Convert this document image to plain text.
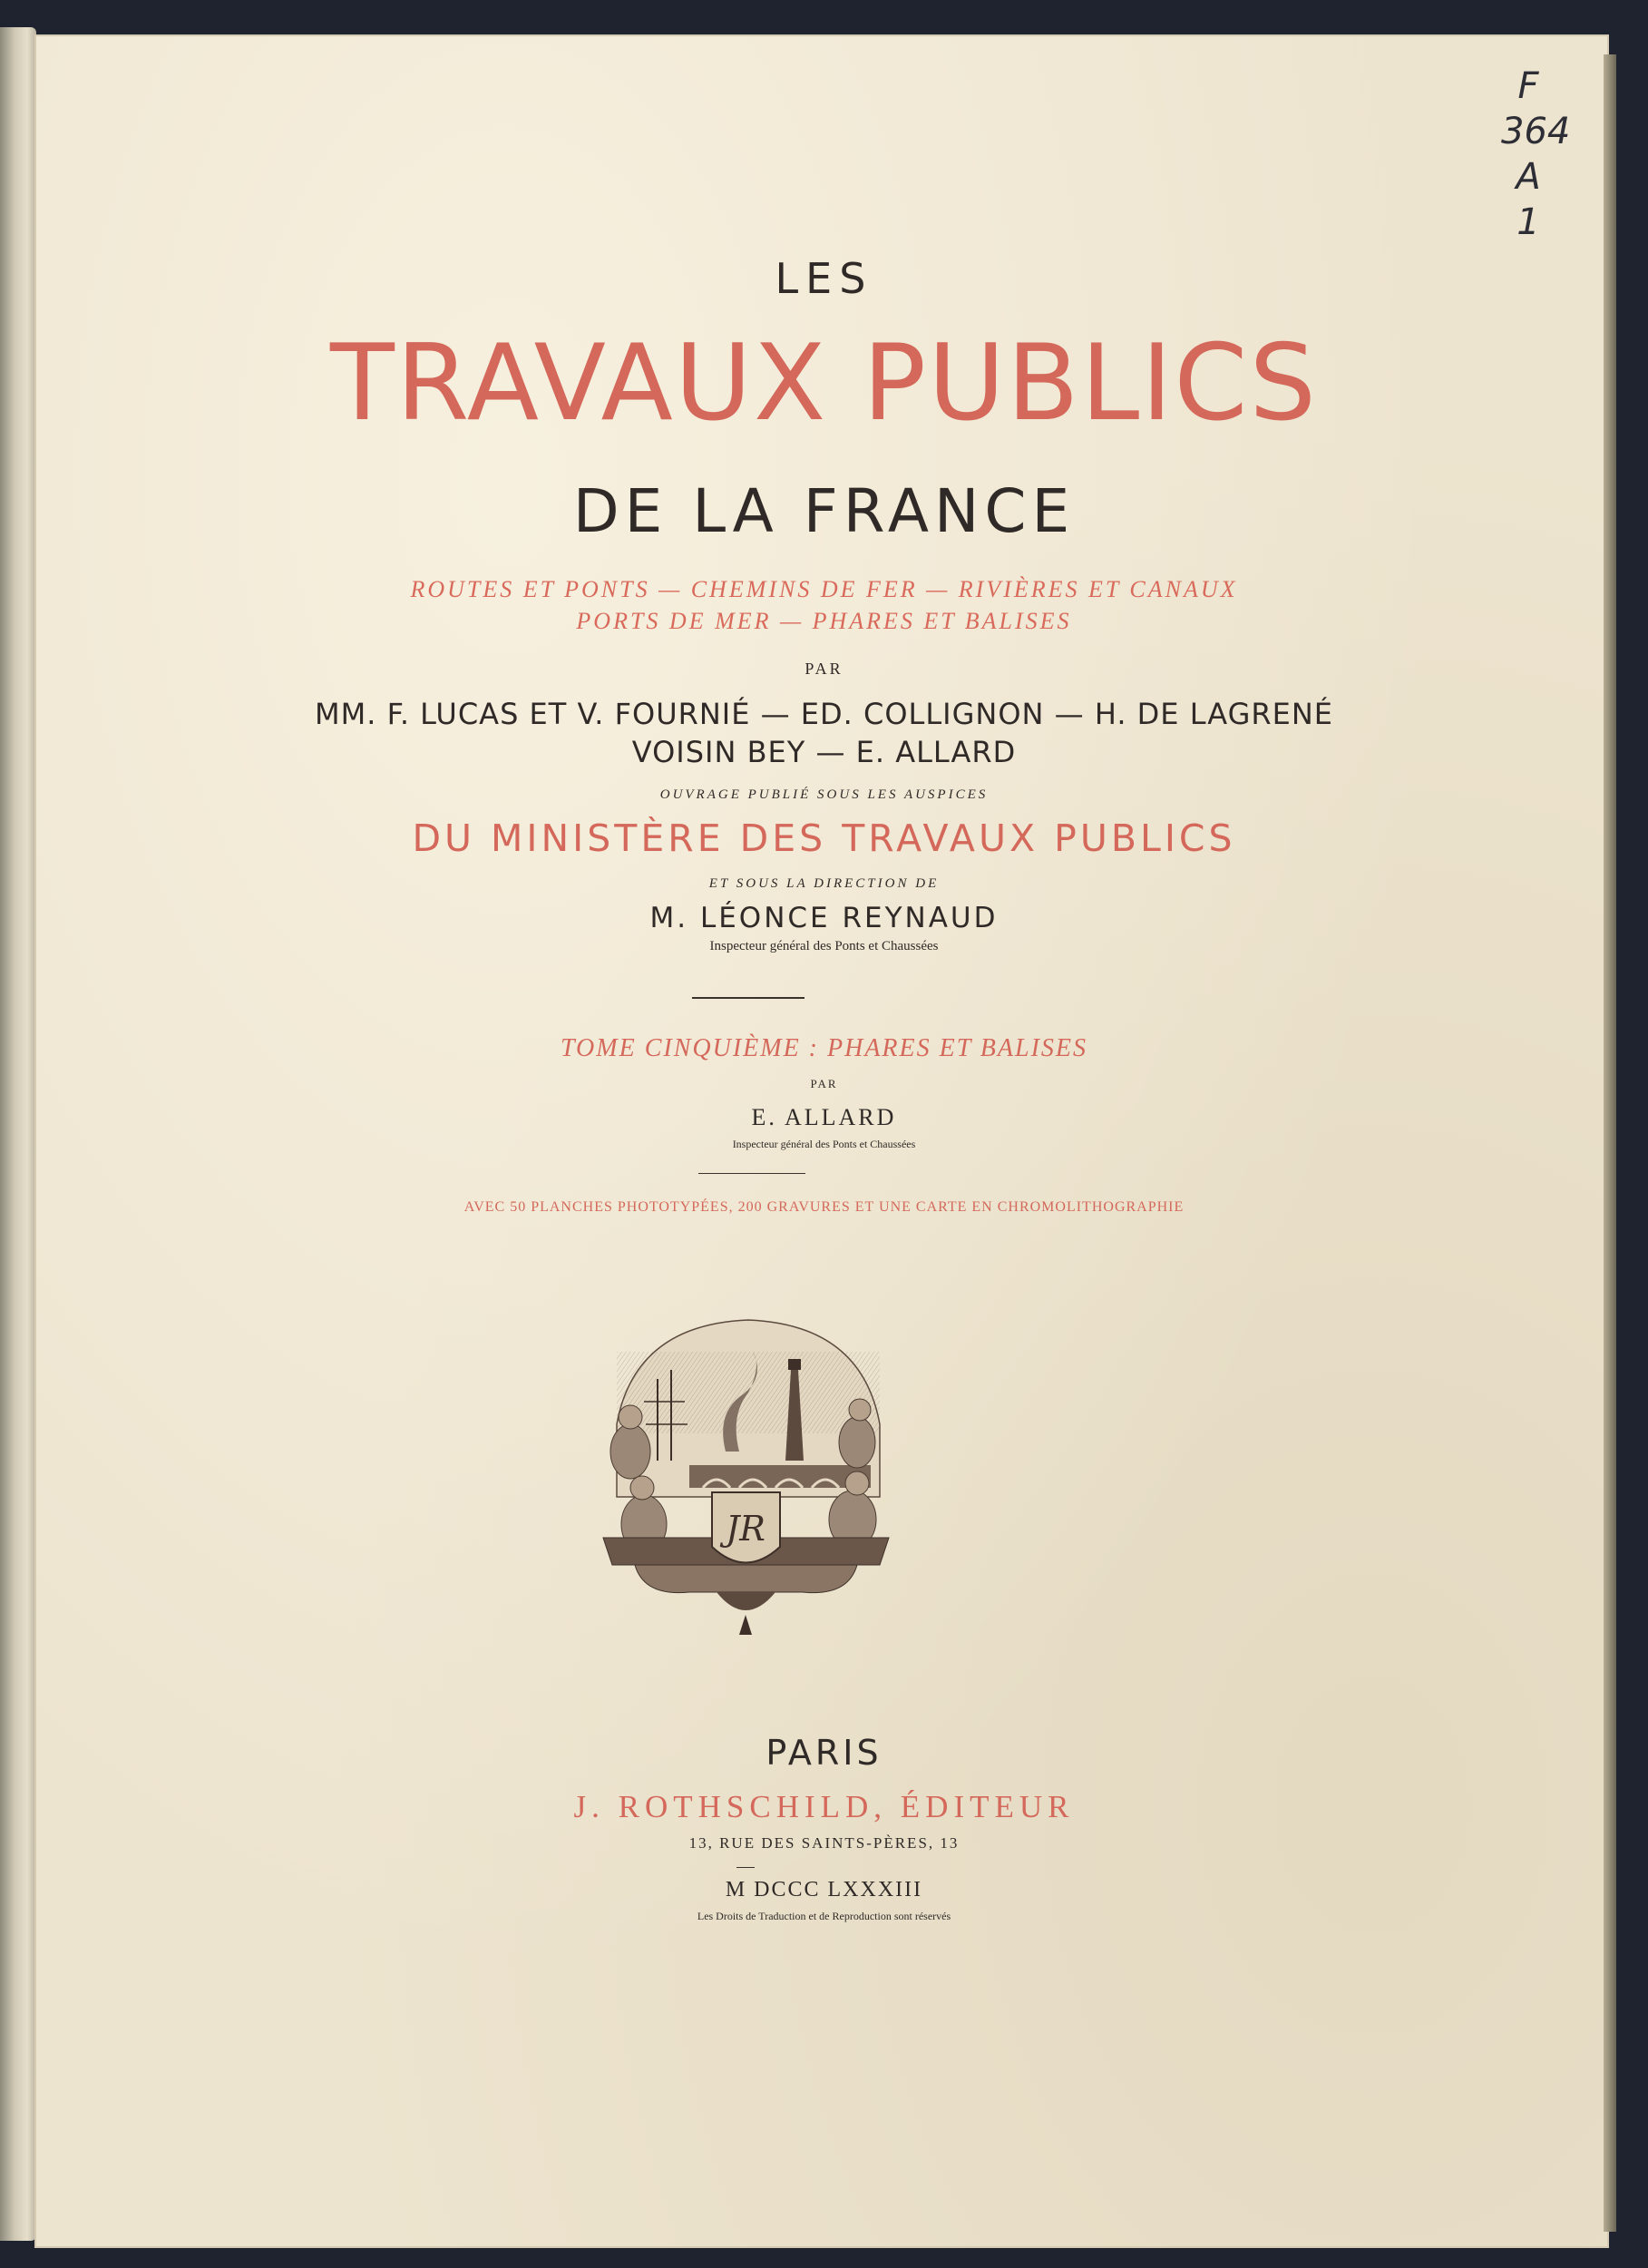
F
364
A
1
LES
TRAVAUX PUBLICS
DE LA FRANCE
ROUTES ET PONTS — CHEMINS DE FER — RIVIÈRES ET CANAUX
PORTS DE MER — PHARES ET BALISES
PAR
MM. F. LUCAS ET V. FOURNIÉ — ED. COLLIGNON — H. DE LAGRENÉ
VOISIN BEY — E. ALLARD
OUVRAGE PUBLIÉ SOUS LES AUSPICES
DU MINISTÈRE DES TRAVAUX PUBLICS
ET SOUS LA DIRECTION DE
M. LÉONCE REYNAUD
Inspecteur général des Ponts et Chaussées
TOME CINQUIÈME : PHARES ET BALISES
PAR
E. ALLARD
Inspecteur général des Ponts et Chaussées
AVEC 50 PLANCHES PHOTOTYPÉES, 200 GRAVURES ET UNE CARTE EN CHROMOLITHOGRAPHIE
JR
PARIS
J. ROTHSCHILD, ÉDITEUR
13, RUE DES SAINTS-PÈRES, 13
M DCCC LXXXIII
Les Droits de Traduction et de Reproduction sont réservés
